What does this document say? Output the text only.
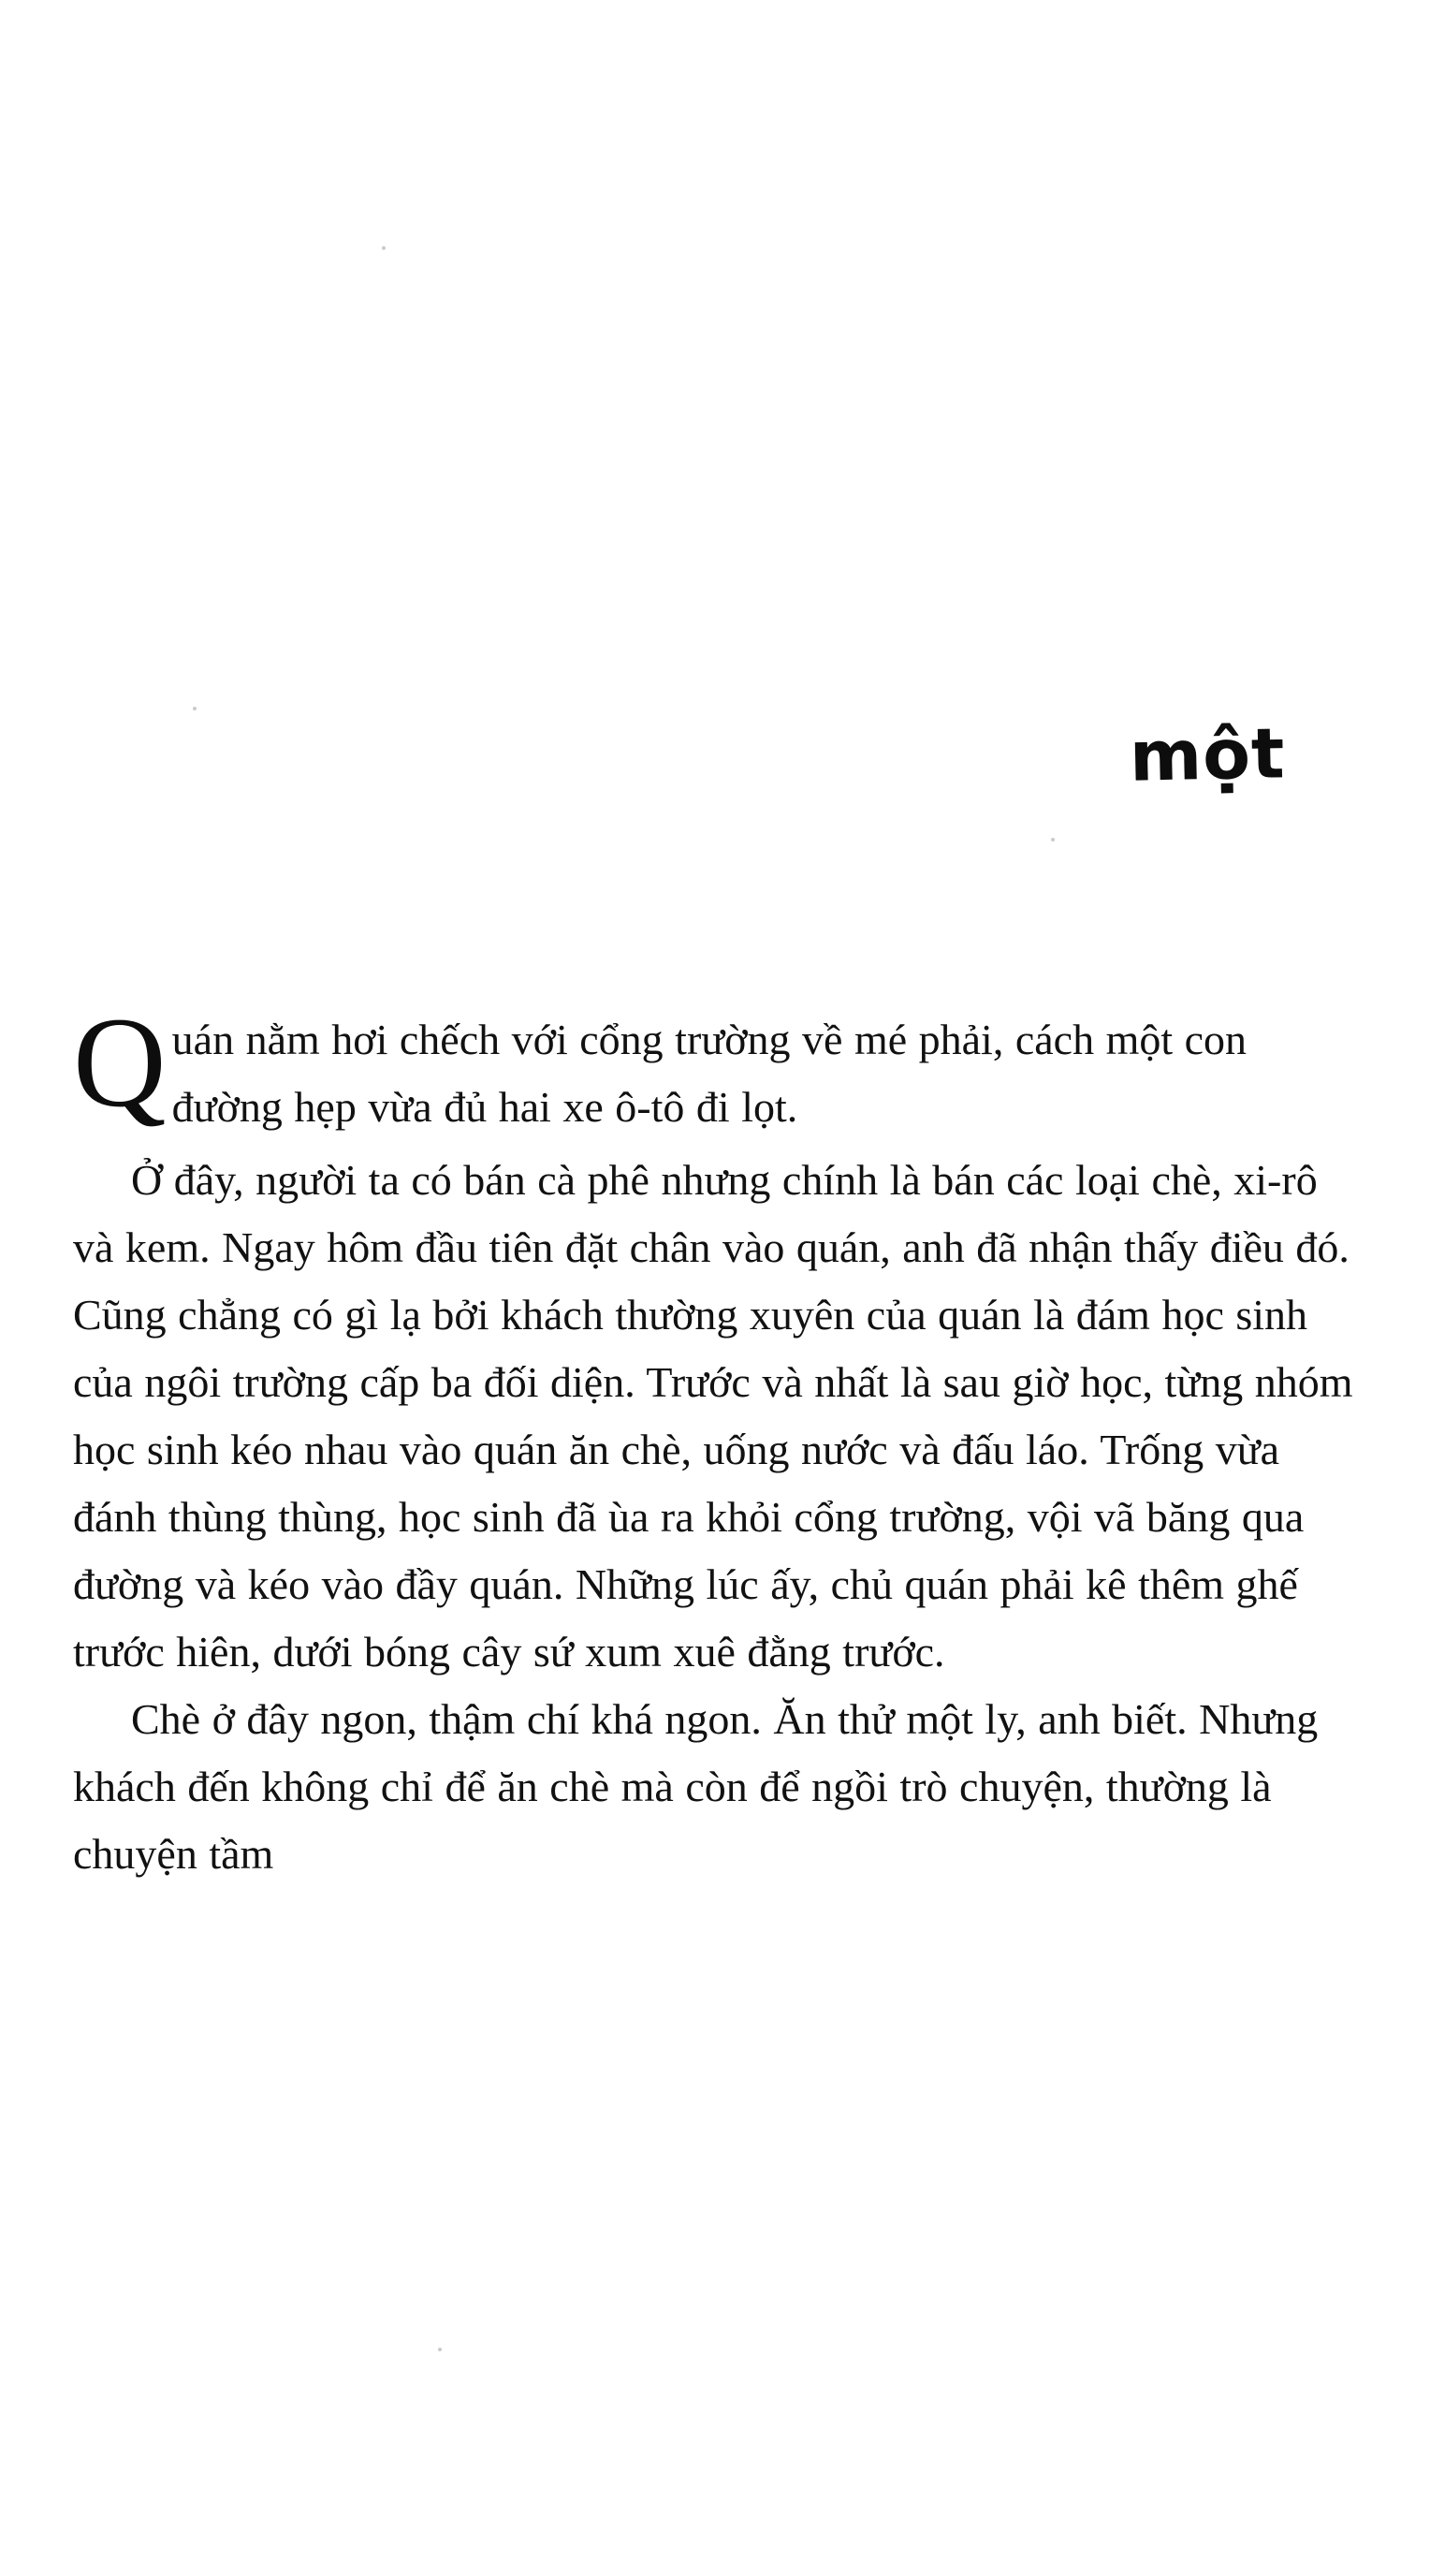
một

Quán nằm hơi chếch với cổng trường về mé phải, cách một con đường hẹp vừa đủ hai xe ô-tô đi lọt.

Ở đây, người ta có bán cà phê nhưng chính là bán các loại chè, xi-rô và kem. Ngay hôm đầu tiên đặt chân vào quán, anh đã nhận thấy điều đó. Cũng chẳng có gì lạ bởi khách thường xuyên của quán là đám học sinh của ngôi trường cấp ba đối diện. Trước và nhất là sau giờ học, từng nhóm học sinh kéo nhau vào quán ăn chè, uống nước và đấu láo. Trống vừa đánh thùng thùng, học sinh đã ùa ra khỏi cổng trường, vội vã băng qua đường và kéo vào đầy quán. Những lúc ấy, chủ quán phải kê thêm ghế trước hiên, dưới bóng cây sứ xum xuê đằng trước.

Chè ở đây ngon, thậm chí khá ngon. Ăn thử một ly, anh biết. Nhưng khách đến không chỉ để ăn chè mà còn để ngồi trò chuyện, thường là chuyện tầm
